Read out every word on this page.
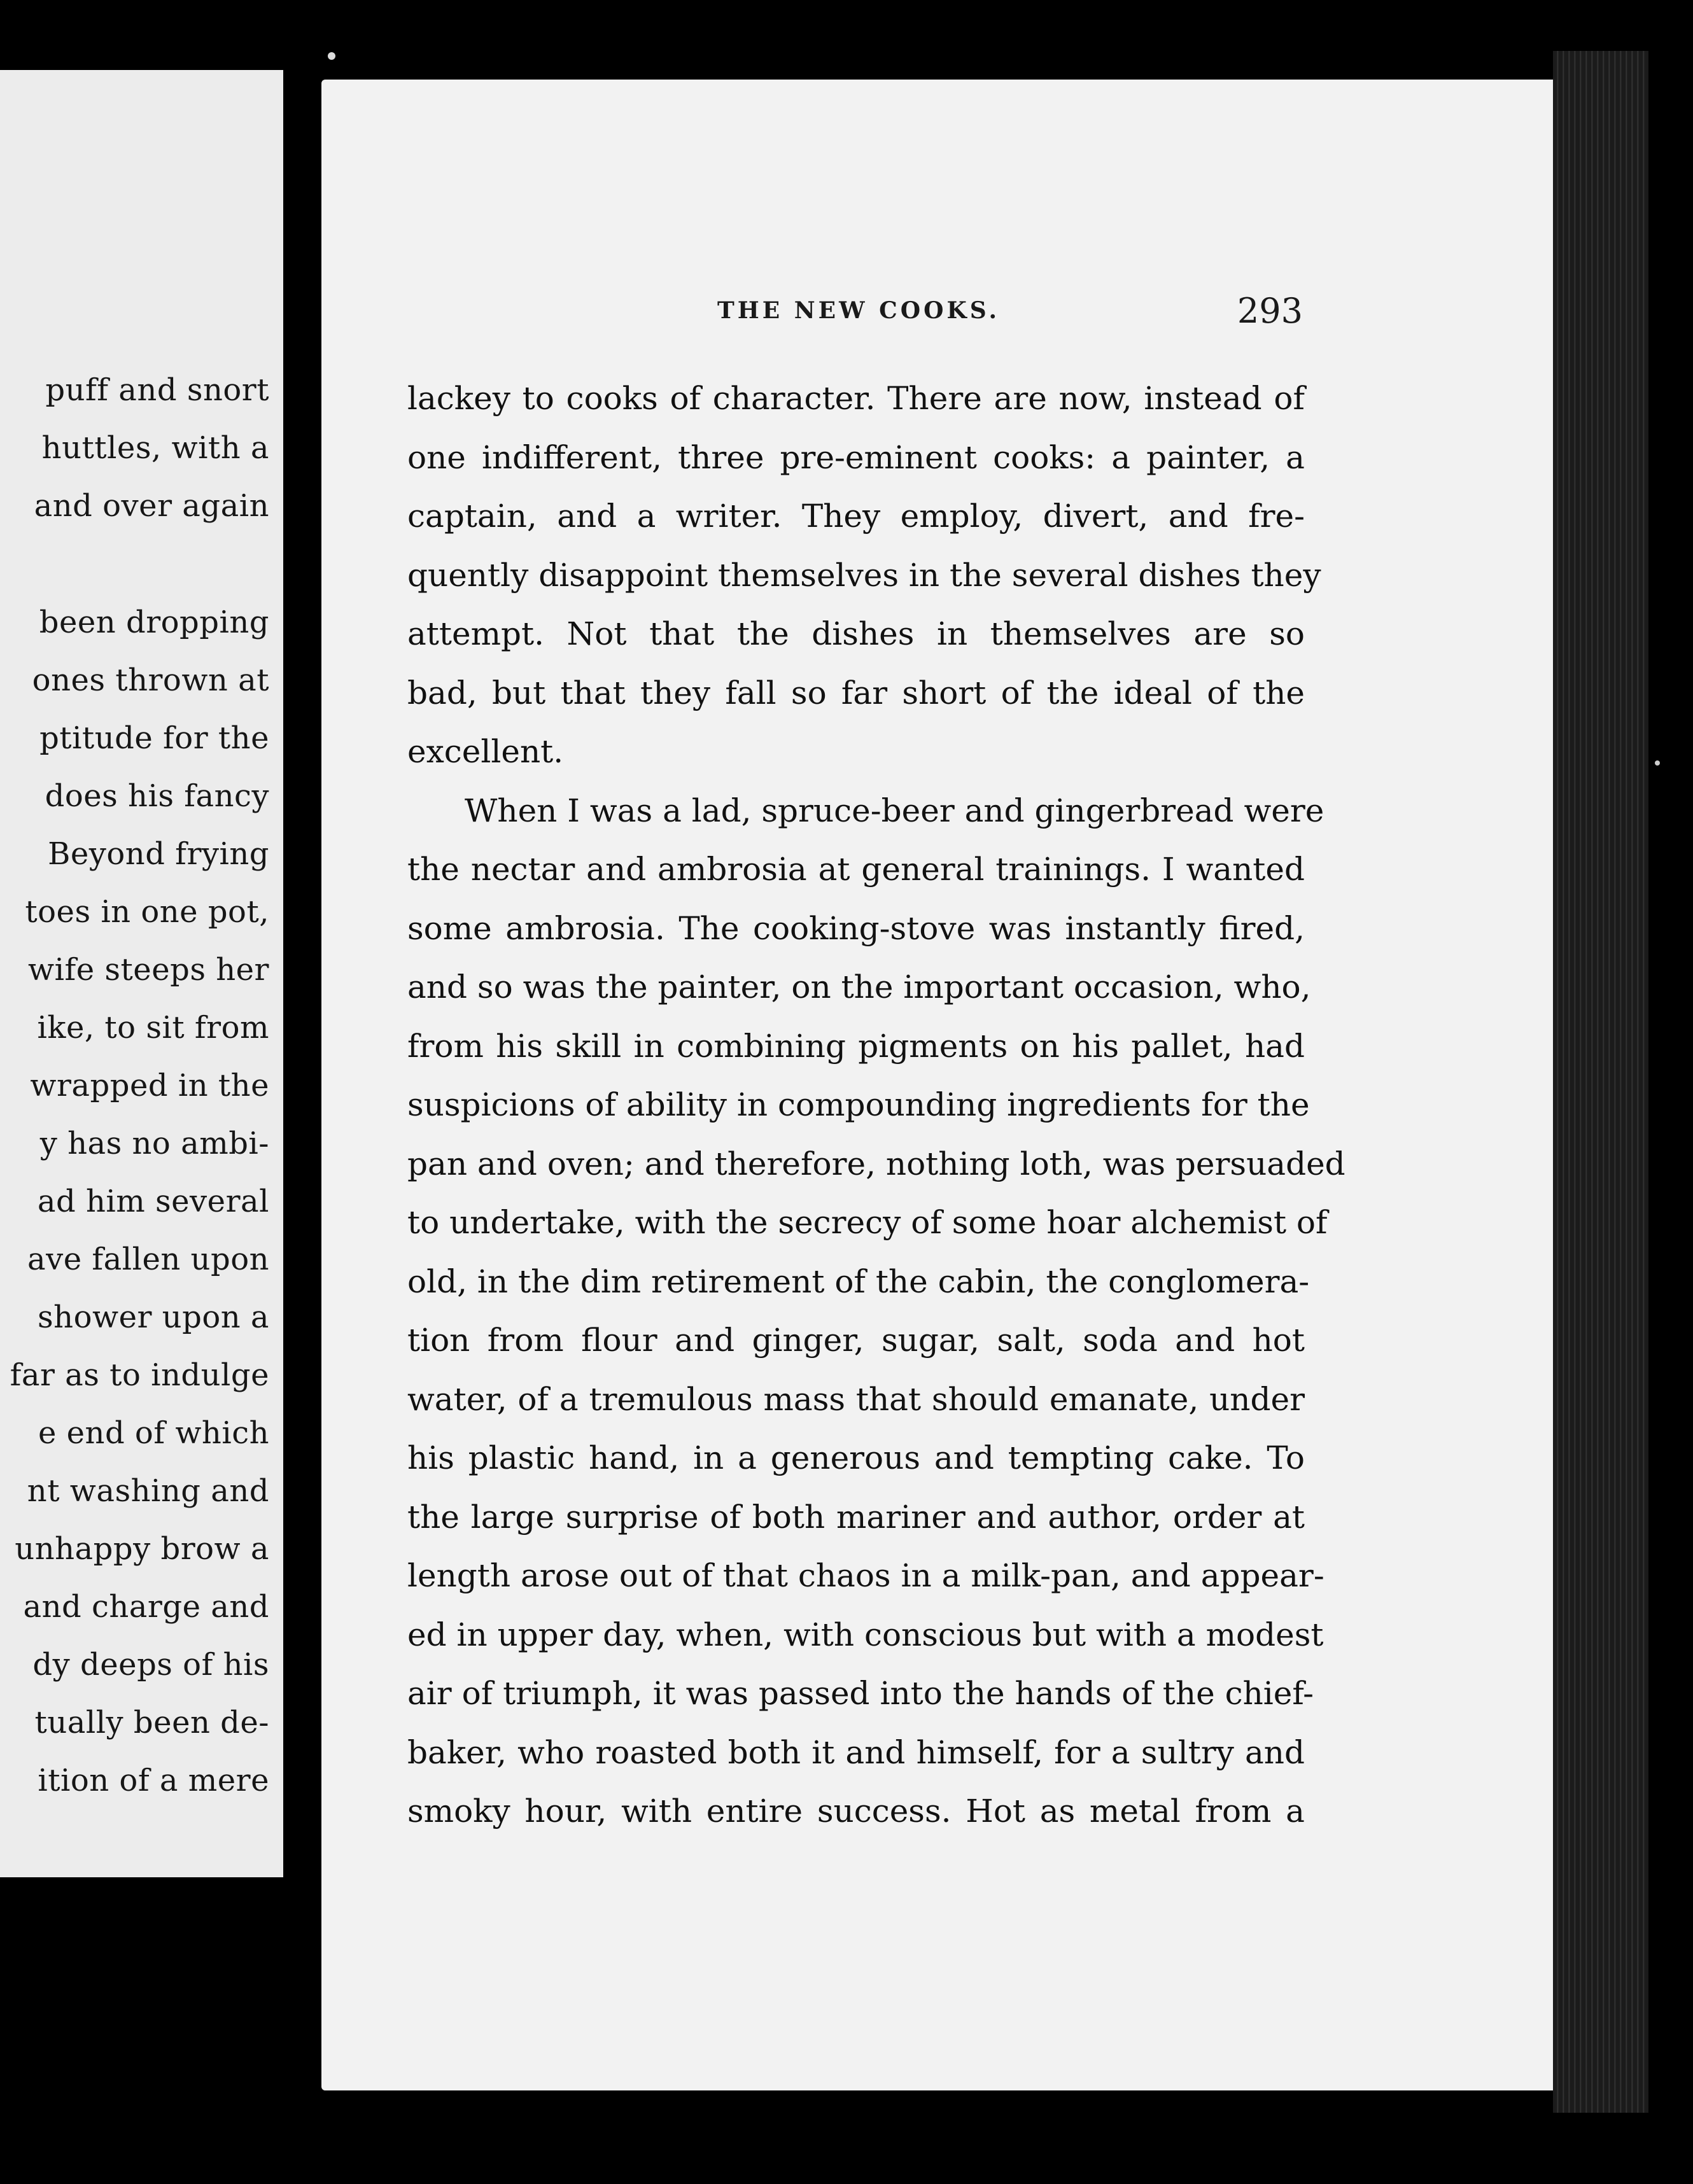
puff and snort
huttles, with a
and over again
been dropping
ones thrown at
ptitude for the
does his fancy
Beyond frying
toes in one pot,
wife steeps her
ike, to sit from
wrapped in the
y has no ambi-
ad him several
ave fallen upon
shower upon a
far as to indulge
e end of which
nt washing and
unhappy brow a
and charge and
dy deeps of his
tually been de-
ition of a mere
THE NEW COOKS.	293
lackey to cooks of character. There are now, instead of
one indifferent, three pre-eminent cooks: a painter, a
captain, and a writer. They employ, divert, and fre-
quently disappoint themselves in the several dishes they
attempt. Not that the dishes in themselves are so
bad, but that they fall so far short of the ideal of the
excellent.
When I was a lad, spruce-beer and gingerbread were
the nectar and ambrosia at general trainings. I wanted
some ambrosia. The cooking-stove was instantly fired,
and so was the painter, on the important occasion, who,
from his skill in combining pigments on his pallet, had
suspicions of ability in compounding ingredients for the
pan and oven; and therefore, nothing loth, was persuaded
to undertake, with the secrecy of some hoar alchemist of
old, in the dim retirement of the cabin, the conglomera-
tion from flour and ginger, sugar, salt, soda and hot
water, of a tremulous mass that should emanate, under
his plastic hand, in a generous and tempting cake. To
the large surprise of both mariner and author, order at
length arose out of that chaos in a milk-pan, and appear-
ed in upper day, when, with conscious but with a modest
air of triumph, it was passed into the hands of the chief-
baker, who roasted both it and himself, for a sultry and
smoky hour, with entire success. Hot as metal from a
